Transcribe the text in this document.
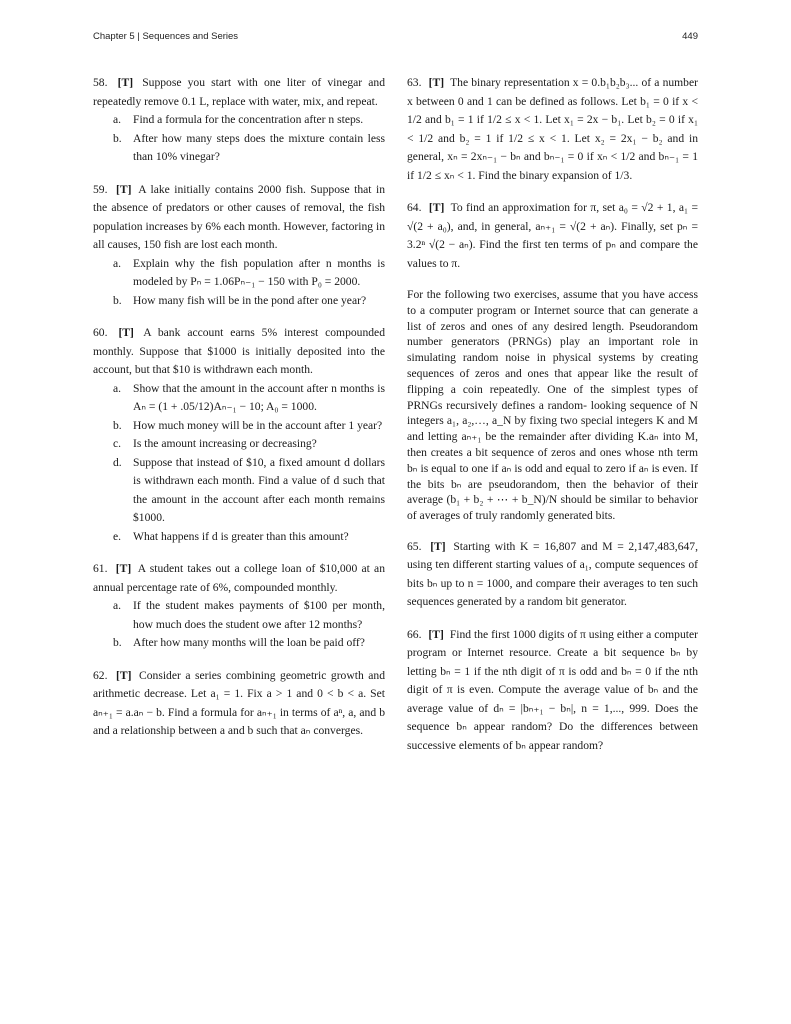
Chapter 5 | Sequences and Series	449
58. [T] Suppose you start with one liter of vinegar and repeatedly remove 0.1 L, replace with water, mix, and repeat.
a.	Find a formula for the concentration after n steps.
b. After how many steps does the mixture contain less than 10% vinegar?
59. [T] A lake initially contains 2000 fish. Suppose that in the absence of predators or other causes of removal, the fish population increases by 6% each month. However, factoring in all causes, 150 fish are lost each month.
a.	Explain why the fish population after n months is modeled by Pₙ = 1.06Pₙ₋₁ − 150 with P₀ = 2000.
b. How many fish will be in the pond after one year?
60. [T] A bank account earns 5% interest compounded monthly. Suppose that $1000 is initially deposited into the account, but that $10 is withdrawn each month.
a.	Show that the amount in the account after n months is Aₙ = (1 + .05/12)Aₙ₋₁ − 10; A₀ = 1000.
b. How much money will be in the account after 1 year?
c.	Is the amount increasing or decreasing?
d. Suppose that instead of $10, a fixed amount d dollars is withdrawn each month. Find a value of d such that the amount in the account after each month remains $1000.
e.	What happens if d is greater than this amount?
61. [T] A student takes out a college loan of $10,000 at an annual percentage rate of 6%, compounded monthly.
a.	If the student makes payments of $100 per month, how much does the student owe after 12 months?
b. After how many months will the loan be paid off?
62. [T] Consider a series combining geometric growth and arithmetic decrease. Let a₁ = 1. Fix a > 1 and 0 < b < a. Set aₙ₊₁ = a.aₙ − b. Find a formula for aₙ₊₁ in terms of aⁿ, a, and b and a relationship between a and b such that aₙ converges.
63. [T] The binary representation x = 0.b₁b₂b₃... of a number x between 0 and 1 can be defined as follows. Let b₁ = 0 if x < 1/2 and b₁ = 1 if 1/2 ≤ x < 1. Let x₁ = 2x − b₁. Let b₂ = 0 if x₁ < 1/2 and b₂ = 1 if 1/2 ≤ x < 1. Let x₂ = 2x₁ − b₂ and in general, xₙ = 2xₙ₋₁ − bₙ and bₙ₋₁ = 0 if xₙ < 1/2 and bₙ₋₁ = 1 if 1/2 ≤ xₙ < 1. Find the binary expansion of 1/3.
64. [T] To find an approximation for π, set a₀ = √2 + 1, a₁ = √(2 + a₀), and, in general, aₙ₊₁ = √(2 + aₙ). Finally, set pₙ = 3.2ⁿ √(2 − aₙ). Find the first ten terms of pₙ and compare the values to π.
For the following two exercises, assume that you have access to a computer program or Internet source that can generate a list of zeros and ones of any desired length. Pseudorandom number generators (PRNGs) play an important role in simulating random noise in physical systems by creating sequences of zeros and ones that appear like the result of flipping a coin repeatedly. One of the simplest types of PRNGs recursively defines a random- looking sequence of N integers a₁, a₂,…, a_N by fixing two special integers K and M and letting aₙ₊₁ be the remainder after dividing K.aₙ into M, then creates a bit sequence of zeros and ones whose nth term bₙ is equal to one if aₙ is odd and equal to zero if aₙ is even. If the bits bₙ are pseudorandom, then the behavior of their average (b₁ + b₂ + ⋯ + b_N)/N should be similar to behavior of averages of truly randomly generated bits.
65. [T] Starting with K = 16,807 and M = 2,147,483,647, using ten different starting values of a₁, compute sequences of bits bₙ up to n = 1000, and compare their averages to ten such sequences generated by a random bit generator.
66. [T] Find the first 1000 digits of π using either a computer program or Internet resource. Create a bit sequence bₙ by letting bₙ = 1 if the nth digit of π is odd and bₙ = 0 if the nth digit of π is even. Compute the average value of bₙ and the average value of dₙ = |bₙ₊₁ − bₙ|, n = 1,..., 999. Does the sequence bₙ appear random? Do the differences between successive elements of bₙ appear random?
